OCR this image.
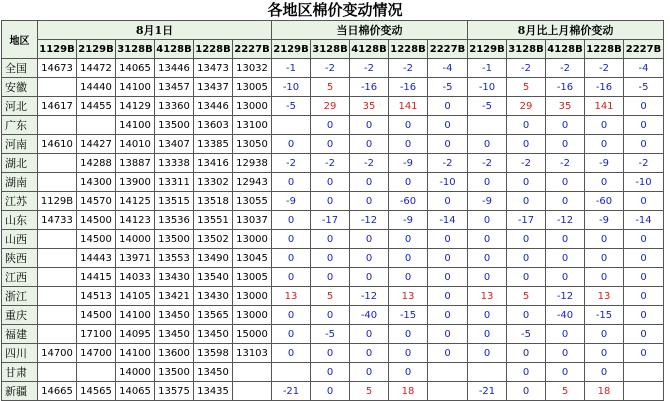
各地区棉价变动情况
地区	8月1日						当日棉价变动					8月比上月棉价变动				
	1129B	2129B	3128B	4128B	1228B	2227B	2129B	3128B	4128B	1228B	2227B	2129B	3128B	4128B	1228B	2227B
全国	14673	14472	14065	13446	13473	13032	-1	-2	-2	-2	-4	-1	-2	-2	-2	-4
安徽		14440	14100	13457	13437	13005	-10	5	-16	-16	-5	-10	5	-16	-16	-5
河北	14617	14455	14129	13360	13446	13000	-5	29	35	141	0	-5	29	35	141	0
广东			14100	13500	13603	13100		0	0	0	0		0	0	0	0
河南	14610	14427	14010	13407	13385	13050	0	0	0	0	0	0	0	0	0	0
湖北		14288	13887	13338	13416	12938	-2	-2	-2	-9	-2	-2	-2	-2	-9	-2
湖南		14300	13900	13311	13302	12943	0	0	0	0	-10	0	0	0	0	-10
江苏	1129B	14570	14125	13515	13518	13055	-9	0	0	-60	0	-9	0	0	-60	0
山东	14733	14500	14123	13536	13551	13037	0	-17	-12	-9	-14	0	-17	-12	-9	-14
山西		14500	14000	13500	13502	13000	0	0	0	0	0	0	0	0	0	0
陕西		14443	13971	13553	13490	13045	0	0	0	0	0	0	0	0	0	0
江西		14415	14033	13430	13540	13005	0	0	0	0	0	0	0	0	0	0
浙江		14513	14105	13421	13430	13000	13	5	-12	13	0	13	5	-12	13	0
重庆		14500	14100	13450	13565	13000	0	0	-40	-15	0	0	0	-40	-15	0
福建		17100	14095	13450	13450	15000	0	-5	0	0	0	0	-5	0	0	0
四川	14700	14700	14100	13600	13598	13103	0	0	0	0	0	0	0	0	0	0
甘肃			14000	13500	13450			0	0	0			0	0	0	
新疆	14665	14565	14065	13575	13435		-21	0	5	18		-21	0	5	18	
